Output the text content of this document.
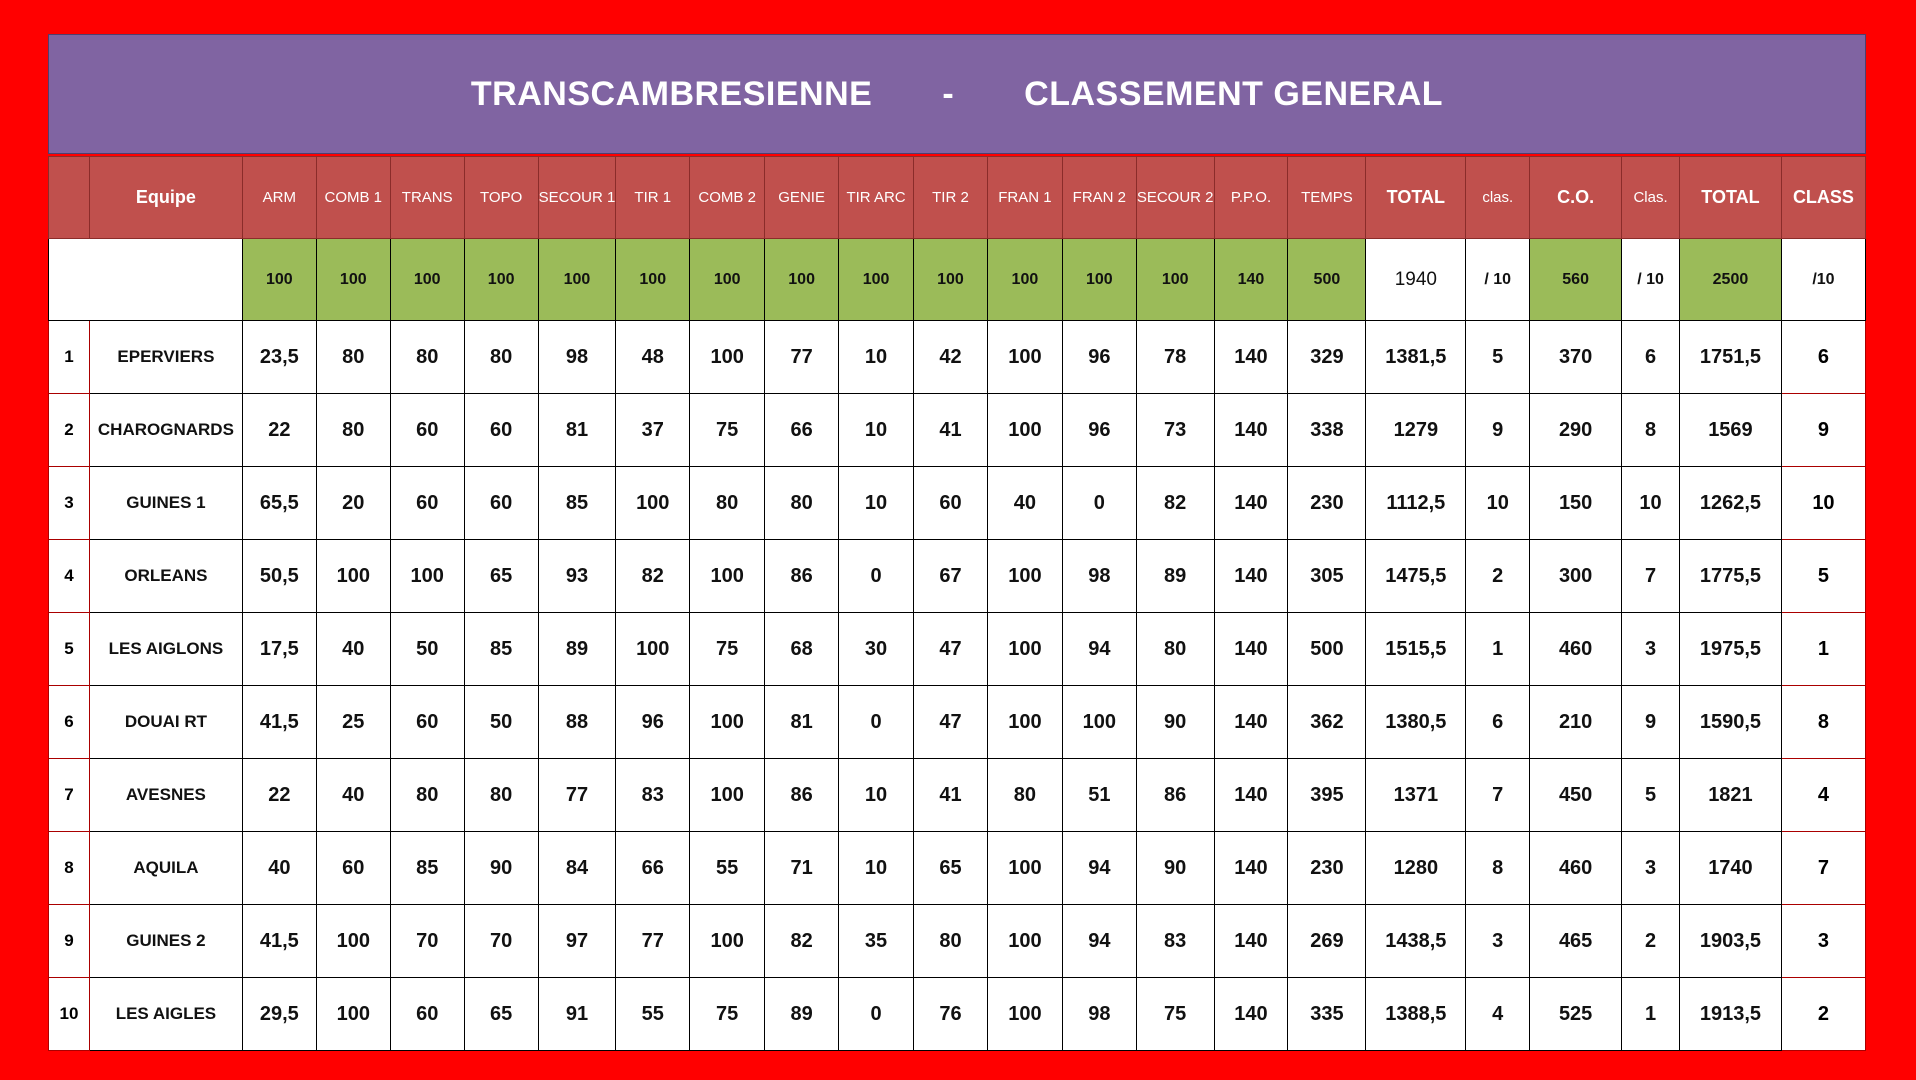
TRANSCAMBRESIENNE - CLASSEMENT GENERAL
	Equipe	ARM	COMB 1	TRANS	TOPO	SECOUR 1	TIR 1	COMB 2	GENIE	TIR ARC	TIR 2	FRAN 1	FRAN 2	SECOUR 2	P.P.O.	TEMPS	TOTAL	clas.	C.O.	Clas.	TOTAL	CLASS
		100	100	100	100	100	100	100	100	100	100	100	100	100	140	500	1940	/ 10	560	/ 10	2500	/10
1	EPERVIERS	23,5	80	80	80	98	48	100	77	10	42	100	96	78	140	329	1381,5	5	370	6	1751,5	6
2	CHAROGNARDS	22	80	60	60	81	37	75	66	10	41	100	96	73	140	338	1279	9	290	8	1569	9
3	GUINES 1	65,5	20	60	60	85	100	80	80	10	60	40	0	82	140	230	1112,5	10	150	10	1262,5	10
4	ORLEANS	50,5	100	100	65	93	82	100	86	0	67	100	98	89	140	305	1475,5	2	300	7	1775,5	5
5	LES AIGLONS	17,5	40	50	85	89	100	75	68	30	47	100	94	80	140	500	1515,5	1	460	3	1975,5	1
6	DOUAI RT	41,5	25	60	50	88	96	100	81	0	47	100	100	90	140	362	1380,5	6	210	9	1590,5	8
7	AVESNES	22	40	80	80	77	83	100	86	10	41	80	51	86	140	395	1371	7	450	5	1821	4
8	AQUILA	40	60	85	90	84	66	55	71	10	65	100	94	90	140	230	1280	8	460	3	1740	7
9	GUINES 2	41,5	100	70	70	97	77	100	82	35	80	100	94	83	140	269	1438,5	3	465	2	1903,5	3
10	LES AIGLES	29,5	100	60	65	91	55	75	89	0	76	100	98	75	140	335	1388,5	4	525	1	1913,5	2
